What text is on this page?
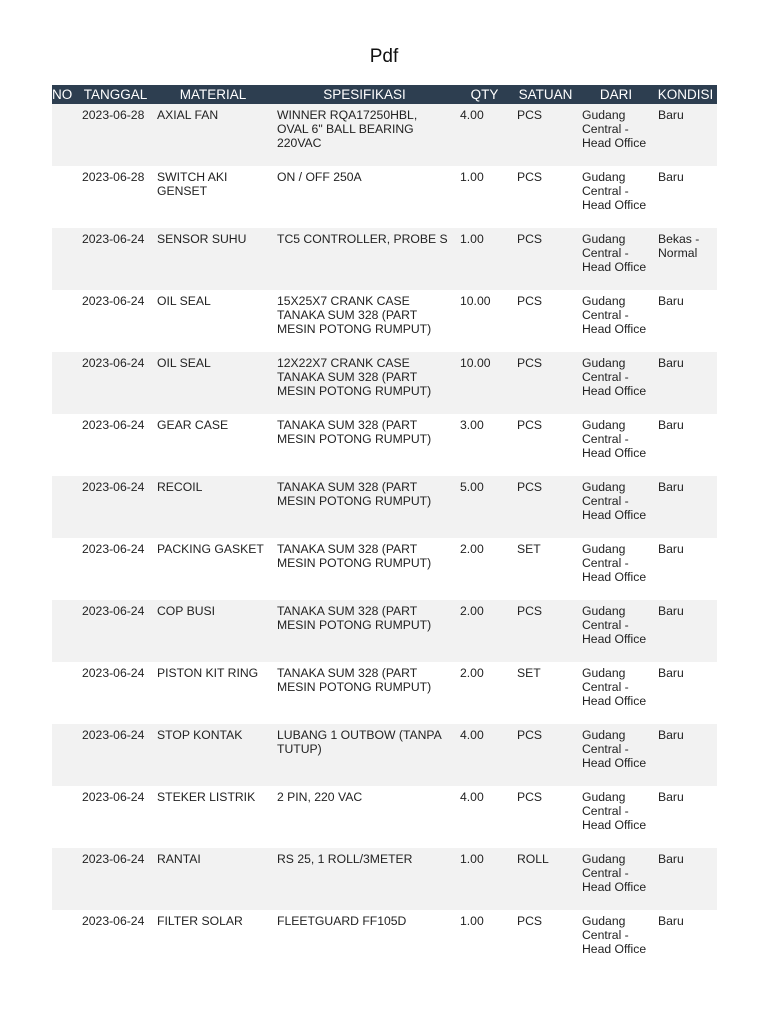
Pdf
NO	TANGGAL	MATERIAL	SPESIFIKASI	QTY	SATUAN	DARI	KONDISI
	2023-06-28	AXIAL FAN	WINNER RQA17250HBL, OVAL 6" BALL BEARING 220VAC	4.00	PCS	Gudang Central - Head Office	Baru
	2023-06-28	SWITCH AKI GENSET	ON / OFF 250A	1.00	PCS	Gudang Central - Head Office	Baru
	2023-06-24	SENSOR SUHU	TC5 CONTROLLER, PROBE S	1.00	PCS	Gudang Central - Head Office	Bekas - Normal
	2023-06-24	OIL SEAL	15X25X7 CRANK CASE TANAKA SUM 328 (PART MESIN POTONG RUMPUT)	10.00	PCS	Gudang Central - Head Office	Baru
	2023-06-24	OIL SEAL	12X22X7 CRANK CASE TANAKA SUM 328 (PART MESIN POTONG RUMPUT)	10.00	PCS	Gudang Central - Head Office	Baru
	2023-06-24	GEAR CASE	TANAKA SUM 328 (PART MESIN POTONG RUMPUT)	3.00	PCS	Gudang Central - Head Office	Baru
	2023-06-24	RECOIL	TANAKA SUM 328 (PART MESIN POTONG RUMPUT)	5.00	PCS	Gudang Central - Head Office	Baru
	2023-06-24	PACKING GASKET	TANAKA SUM 328 (PART MESIN POTONG RUMPUT)	2.00	SET	Gudang Central - Head Office	Baru
	2023-06-24	COP BUSI	TANAKA SUM 328 (PART MESIN POTONG RUMPUT)	2.00	PCS	Gudang Central - Head Office	Baru
	2023-06-24	PISTON KIT RING	TANAKA SUM 328 (PART MESIN POTONG RUMPUT)	2.00	SET	Gudang Central - Head Office	Baru
	2023-06-24	STOP KONTAK	LUBANG 1 OUTBOW (TANPA TUTUP)	4.00	PCS	Gudang Central - Head Office	Baru
	2023-06-24	STEKER LISTRIK	2 PIN, 220 VAC	4.00	PCS	Gudang Central - Head Office	Baru
	2023-06-24	RANTAI	RS 25, 1 ROLL/3METER	1.00	ROLL	Gudang Central - Head Office	Baru
	2023-06-24	FILTER SOLAR	FLEETGUARD FF105D	1.00	PCS	Gudang Central - Head Office	Baru
